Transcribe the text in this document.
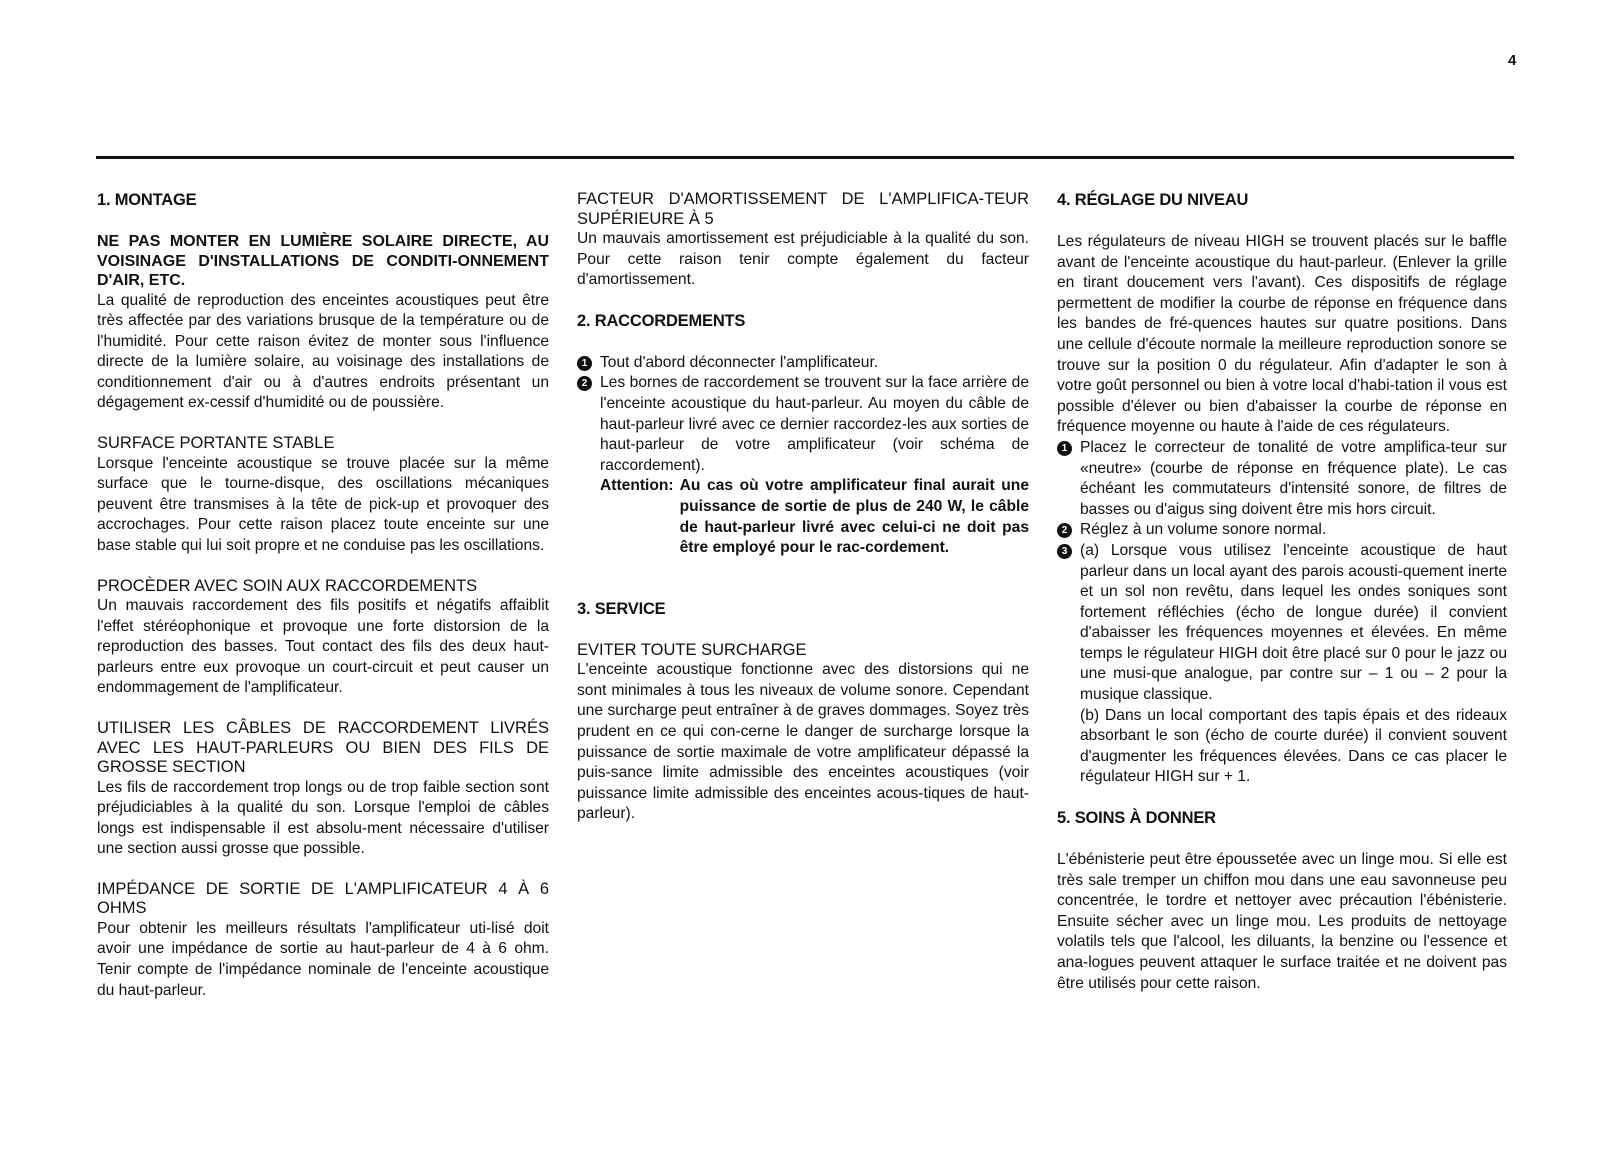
4
1. MONTAGE
NE PAS MONTER EN LUMIÈRE SOLAIRE DIRECTE, AU VOISINAGE D'INSTALLATIONS DE CONDITI-ONNEMENT D'AIR, ETC.

La qualité de reproduction des enceintes acoustiques peut être très affectée par des variations brusque de la température ou de l'humidité. Pour cette raison évitez de monter sous l'influence directe de la lumière solaire, au voisinage des installations de conditionnement d'air ou à d'autres endroits présentant un dégagement ex-cessif d'humidité ou de poussière.

SURFACE PORTANTE STABLE

Lorsque l'enceinte acoustique se trouve placée sur la même surface que le tourne-disque, des oscillations mécaniques peuvent être transmises à la tête de pick-up et provoquer des accrochages. Pour cette raison placez toute enceinte sur une base stable qui lui soit propre et ne conduise pas les oscillations.

PROCÈDER AVEC SOIN AUX RACCORDEMENTS

Un mauvais raccordement des fils positifs et négatifs affaiblit l'effet stéréophonique et provoque une forte distorsion de la reproduction des basses. Tout contact des fils des deux haut-parleurs entre eux provoque un court-circuit et peut causer un endommagement de l'amplificateur.

UTILISER LES CÂBLES DE RACCORDEMENT LIVRÉS AVEC LES HAUT-PARLEURS OU BIEN DES FILS DE GROSSE SECTION

Les fils de raccordement trop longs ou de trop faible section sont préjudiciables à la qualité du son. Lorsque l'emploi de câbles longs est indispensable il est absolu-ment nécessaire d'utiliser une section aussi grosse que possible.

IMPÉDANCE DE SORTIE DE L'AMPLIFICATEUR 4 À 6 OHMS

Pour obtenir les meilleurs résultats l'amplificateur uti-lisé doit avoir une impédance de sortie au haut-parleur de 4 à 6 ohm. Tenir compte de l'impédance nominale de l'enceinte acoustique du haut-parleur.

FACTEUR D'AMORTISSEMENT DE L'AMPLIFICA-TEUR SUPÉRIEURE À 5

Un mauvais amortissement est préjudiciable à la qualité du son. Pour cette raison tenir compte également du facteur d'amortissement.

2. RACCORDEMENTS
1 Tout d'abord déconnecter l'amplificateur.
2 Les bornes de raccordement se trouvent sur la face arrière de l'enceinte acoustique du haut-parleur. Au moyen du câble de haut-parleur livré avec ce dernier raccordez-les aux sorties de haut-parleur de votre amplificateur (voir schéma de raccordement).
Attention: Au cas où votre amplificateur final aurait une puissance de sortie de plus de 240 W, le câble de haut-parleur livré avec celui-ci ne doit pas être employé pour le rac-cordement.
3. SERVICE
EVITER TOUTE SURCHARGE

L'enceinte acoustique fonctionne avec des distorsions qui ne sont minimales à tous les niveaux de volume sonore. Cependant une surcharge peut entraîner à de graves dommages. Soyez très prudent en ce qui con-cerne le danger de surcharge lorsque la puissance de sortie maximale de votre amplificateur dépassé la puis-sance limite admissible des enceintes acoustiques (voir puissance limite admissible des enceintes acous-tiques de haut-parleur).

4. RÉGLAGE DU NIVEAU

Les régulateurs de niveau HIGH se trouvent placés sur le baffle avant de l'enceinte acoustique du haut-parleur. (Enlever la grille en tirant doucement vers l'avant). Ces dispositifs de réglage permettent de modifier la courbe de réponse en fréquence dans les bandes de fré-quences hautes sur quatre positions. Dans une cellule d'écoute normale la meilleure reproduction sonore se trouve sur la position 0 du régulateur. Afin d'adapter le son à votre goût personnel ou bien à votre local d'habi-tation il vous est possible d'élever ou bien d'abaisser la courbe de réponse en fréquence moyenne ou haute à l'aide de ces régulateurs.

1 Placez le correcteur de tonalité de votre amplifica-teur sur «neutre» (courbe de réponse en fréquence plate). Le cas échéant les commutateurs d'intensité sonore, de filtres de basses ou d'aigus sing doivent être mis hors circuit.
2 Réglez à un volume sonore normal.
3 (a) Lorsque vous utilisez l'enceinte acoustique de haut parleur dans un local ayant des parois acousti-quement inerte et un sol non revêtu, dans lequel les ondes soniques sont fortement réfléchies (écho de longue durée) il convient d'abaisser les fréquences moyennes et élevées. En même temps le régulateur HIGH doit être placé sur 0 pour le jazz ou une musi-que analogue, par contre sur – 1 ou – 2 pour la musique classique.

(b) Dans un local comportant des tapis épais et des rideaux absorbant le son (écho de courte durée) il convient souvent d'augmenter les fréquences élevées. Dans ce cas placer le régulateur HIGH sur + 1.

5. SOINS À DONNER

L'ébénisterie peut être époussetée avec un linge mou. Si elle est très sale tremper un chiffon mou dans une eau savonneuse peu concentrée, le tordre et nettoyer avec précaution l'ébénisterie. Ensuite sécher avec un linge mou. Les produits de nettoyage volatils tels que l'alcool, les diluants, la benzine ou l'essence et ana-logues peuvent attaquer le surface traitée et ne doivent pas être utilisés pour cette raison.
